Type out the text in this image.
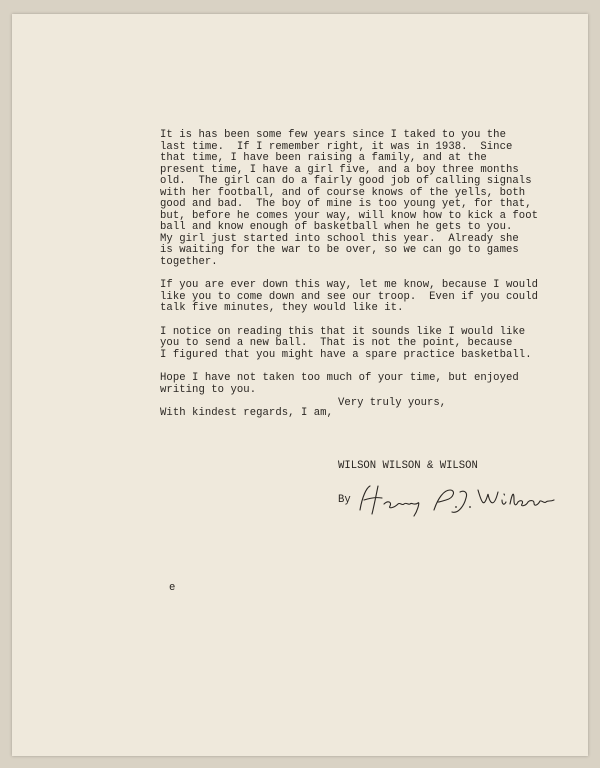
It is has been some few years since I taked to you the
last time.  If I remember right, it was in 1938.  Since
that time, I have been raising a family, and at the
present time, I have a girl five, and a boy three months
old.  The girl can do a fairly good job of calling signals
with her football, and of course knows of the yells, both
good and bad.  The boy of mine is too young yet, for that,
but, before he comes your way, will know how to kick a foot
ball and know enough of basketball when he gets to you.
My girl just started into school this year.  Already she
is waiting for the war to be over, so we can go to games
together.
If you are ever down this way, let me know, because I would
like you to come down and see our troop.  Even if you could
talk five minutes, they would like it.
I notice on reading this that it sounds like I would like
you to send a new ball.  That is not the point, because
I figured that you might have a spare practice basketball.
Hope I have not taken too much of your time, but enjoyed
writing to you.
With kindest regards, I am,
Very truly yours,
WILSON WILSON & WILSON
By
e
